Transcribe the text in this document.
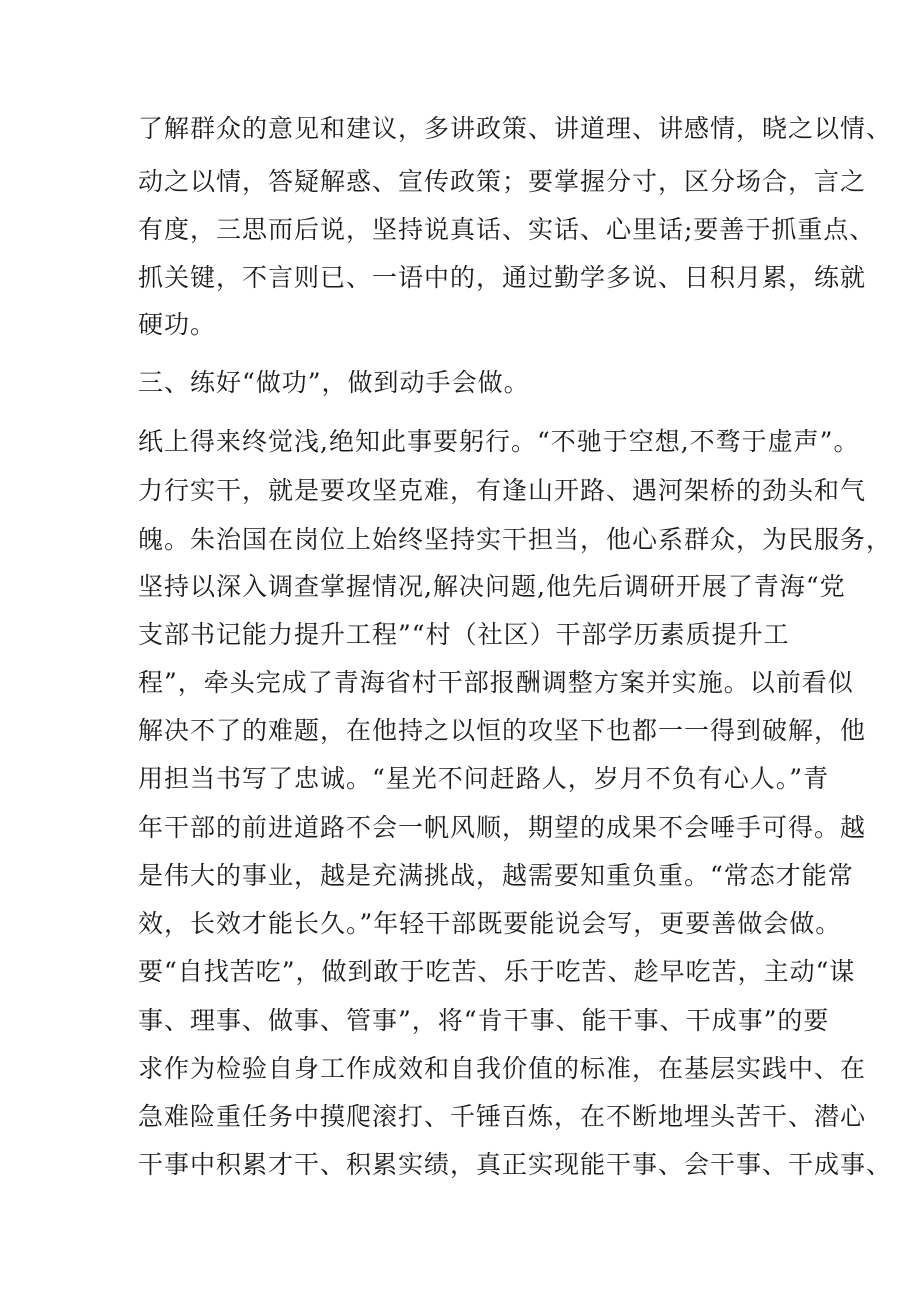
了解群众的意见和建议，多讲政策、讲道理、讲感情，晓之以情、
动之以情，答疑解惑、宣传政策；要掌握分寸，区分场合，言之
有度，三思而后说，坚持说真话、实话、心里话;要善于抓重点、
抓关键，不言则已、一语中的，通过勤学多说、日积月累，练就
硬功。
三、练好“做功”，做到动手会做。
纸上得来终觉浅,绝知此事要躬行。“不驰于空想,不骛于虚声”。
力行实干，就是要攻坚克难，有逢山开路、遇河架桥的劲头和气
魄。朱治国在岗位上始终坚持实干担当，他心系群众，为民服务，
坚持以深入调查掌握情况,解决问题,他先后调研开展了青海“党
支部书记能力提升工程”“村（社区）干部学历素质提升工
程”，牵头完成了青海省村干部报酬调整方案并实施。以前看似
解决不了的难题，在他持之以恒的攻坚下也都一一得到破解，他
用担当书写了忠诚。“星光不问赶路人，岁月不负有心人。”青
年干部的前进道路不会一帆风顺，期望的成果不会唾手可得。越
是伟大的事业，越是充满挑战，越需要知重负重。“常态才能常
效，长效才能长久。”年轻干部既要能说会写，更要善做会做。
要“自找苦吃”，做到敢于吃苦、乐于吃苦、趁早吃苦，主动“谋
事、理事、做事、管事”，将“肯干事、能干事、干成事”的要
求作为检验自身工作成效和自我价值的标准，在基层实践中、在
急难险重任务中摸爬滚打、千锤百炼，在不断地埋头苦干、潜心
干事中积累才干、积累实绩，真正实现能干事、会干事、干成事、
